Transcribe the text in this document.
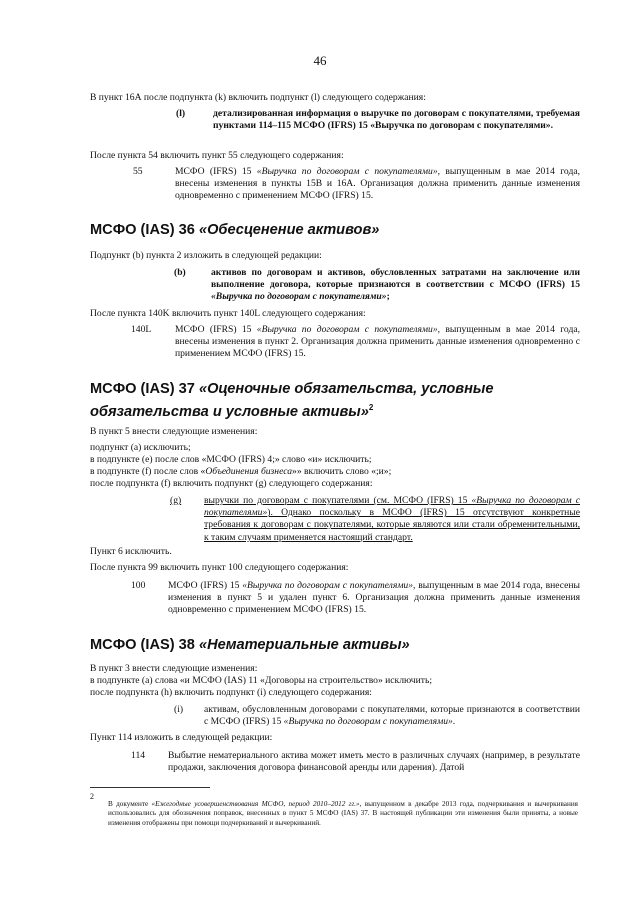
46
В пункт 16А после подпункта (k) включить подпункт (l) следующего содержания:
(l)	детализированная информация о выручке по договорам с покупателями, требуемая пунктами 114–115 МСФО (IFRS) 15 «Выручка по договорам с покупателями».
После пункта 54 включить пункт 55 следующего содержания:
55	МСФО (IFRS) 15 «Выручка по договорам с покупателями», выпущенным в мае 2014 года, внесены изменения в пункты 15B и 16А. Организация должна применить данные изменения одновременно с применением МСФО (IFRS) 15.
МСФО (IAS) 36 «Обесценение активов»
Подпункт (b) пункта 2 изложить в следующей редакции:
(b)	активов по договорам и активов, обусловленных затратами на заключение или выполнение договора, которые признаются в соответствии с МСФО (IFRS) 15 «Выручка по договорам с покупателями»;
После пункта 140K включить пункт 140L следующего содержания:
140L МСФО (IFRS) 15 «Выручка по договорам с покупателями», выпущенным в мае 2014 года, внесены изменения в пункт 2. Организация должна применить данные изменения одновременно с применением МСФО (IFRS) 15.
МСФО (IAS) 37 «Оценочные обязательства, условные
обязательства и условные активы»$^2$
В пункт 5 внести следующие изменения:
подпункт (а) исключить;
в подпункте (е) после слов «МСФО (IFRS) 4;» слово «и» исключить;
в подпункте (f) после слов «Объединения бизнеса»» включить слово «;и»;
после подпункта (f) включить подпункт (g) следующего содержания:
(g) выручки по договорам с покупателями (см. МСФО (IFRS) 15 «Выручка по договорам с покупателями»). Однако поскольку в МСФО (IFRS) 15 отсутствуют конкретные требования к договорам с покупателями, которые являются или стали обременительными, к таким случаям применяется настоящий стандарт.
Пункт 6 исключить.
После пункта 99 включить пункт 100 следующего содержания:
100 МСФО (IFRS) 15 «Выручка по договорам с покупателями», выпущенным в мае 2014 года, внесены изменения в пункт 5 и удален пункт 6. Организация должна применить данные изменения одновременно с применением МСФО (IFRS) 15.
МСФО (IAS) 38 «Нематериальные активы»
В пункт 3 внести следующие изменения:
в подпункте (а) слова «и МСФО (IAS) 11 «Договоры на строительство» исключить;
после подпункта (h) включить подпункт (i) следующего содержания:
(i) активам, обусловленным договорами с покупателями, которые признаются в соответствии с МСФО (IFRS) 15 «Выручка по договорам с покупателями».
Пункт 114 изложить в следующей редакции:
114 Выбытие нематериального актива может иметь место в различных случаях (например, в результате продажи, заключения договора финансовой аренды или дарения). Датой
2
В документе «Ежегодные усовершенствования МСФО, период 2010–2012 гг.», выпущенном в декабре 2013 года, подчеркивания и вычеркивания использовались для обозначения поправок, внесенных в пункт 5 МСФО (IAS) 37. В настоящей публикации эти изменения были приняты, а новые изменения отображены при помощи подчеркиваний и вычеркиваний.
